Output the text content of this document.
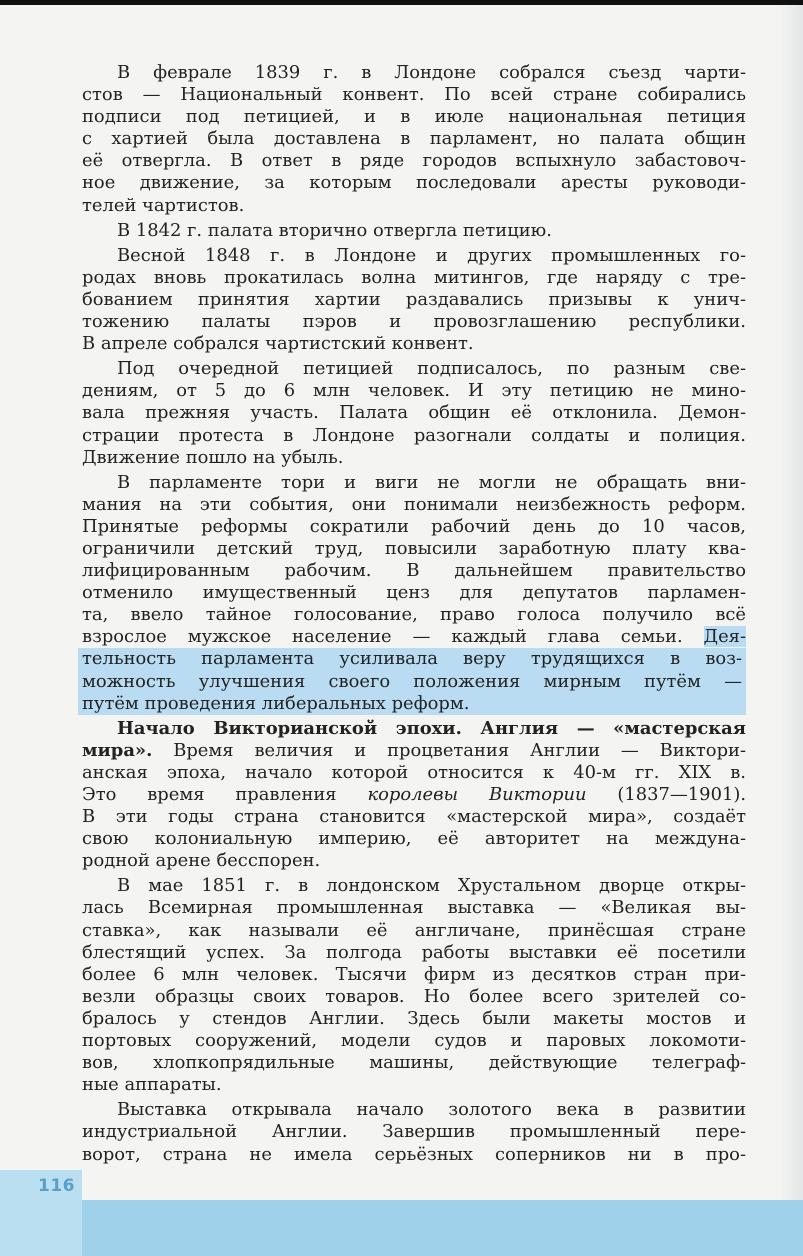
В феврале 1839 г. в Лондоне собрался съезд чарти-
стов — Национальный конвент. По всей стране собирались
подписи под петицией, и в июле национальная петиция
с хартией была доставлена в парламент, но палата общин
её отвергла. В ответ в ряде городов вспыхнуло забастовоч-
ное движение, за которым последовали аресты руководи-
телей чартистов.
В 1842 г. палата вторично отвергла петицию.
Весной 1848 г. в Лондоне и других промышленных го-
родах вновь прокатилась волна митингов, где наряду с тре-
бованием принятия хартии раздавались призывы к унич-
тожению палаты пэров и провозглашению республики.
В апреле собрался чартистский конвент.
Под очередной петицией подписалось, по разным све-
дениям, от 5 до 6 млн человек. И эту петицию не мино-
вала прежняя участь. Палата общин её отклонила. Демон-
страции протеста в Лондоне разогнали солдаты и полиция.
Движение пошло на убыль.
В парламенте тори и виги не могли не обращать вни-
мания на эти события, они понимали неизбежность реформ.
Принятые реформы сократили рабочий день до 10 часов,
ограничили детский труд, повысили заработную плату ква-
лифицированным рабочим. В дальнейшем правительство
отменило имущественный ценз для депутатов парламен-
та, ввело тайное голосование, право голоса получило всё
взрослое мужское население — каждый глава семьи. Дея-
тельность парламента усиливала веру трудящихся в воз-
можность улучшения своего положения мирным путём —
путём проведения либеральных реформ.
Начало Викторианской эпохи. Англия — «мастерская
мира». Время величия и процветания Англии — Виктори-
анская эпоха, начало которой относится к 40-м гг. XIX в.
Это время правления королевы Виктории (1837—1901).
В эти годы страна становится «мастерской мира», создаёт
свою колониальную империю, её авторитет на междуна-
родной арене бесспорен.
В мае 1851 г. в лондонском Хрустальном дворце откры-
лась Всемирная промышленная выставка — «Великая вы-
ставка», как называли её англичане, принёсшая стране
блестящий успех. За полгода работы выставки её посетили
более 6 млн человек. Тысячи фирм из десятков стран при-
везли образцы своих товаров. Но более всего зрителей со-
бралось у стендов Англии. Здесь были макеты мостов и
портовых сооружений, модели судов и паровых локомоти-
вов, хлопкопрядильные машины, действующие телеграф-
ные аппараты.
Выставка открывала начало золотого века в развитии
индустриальной Англии. Завершив промышленный пере-
ворот, страна не имела серьёзных соперников ни в про-
116
